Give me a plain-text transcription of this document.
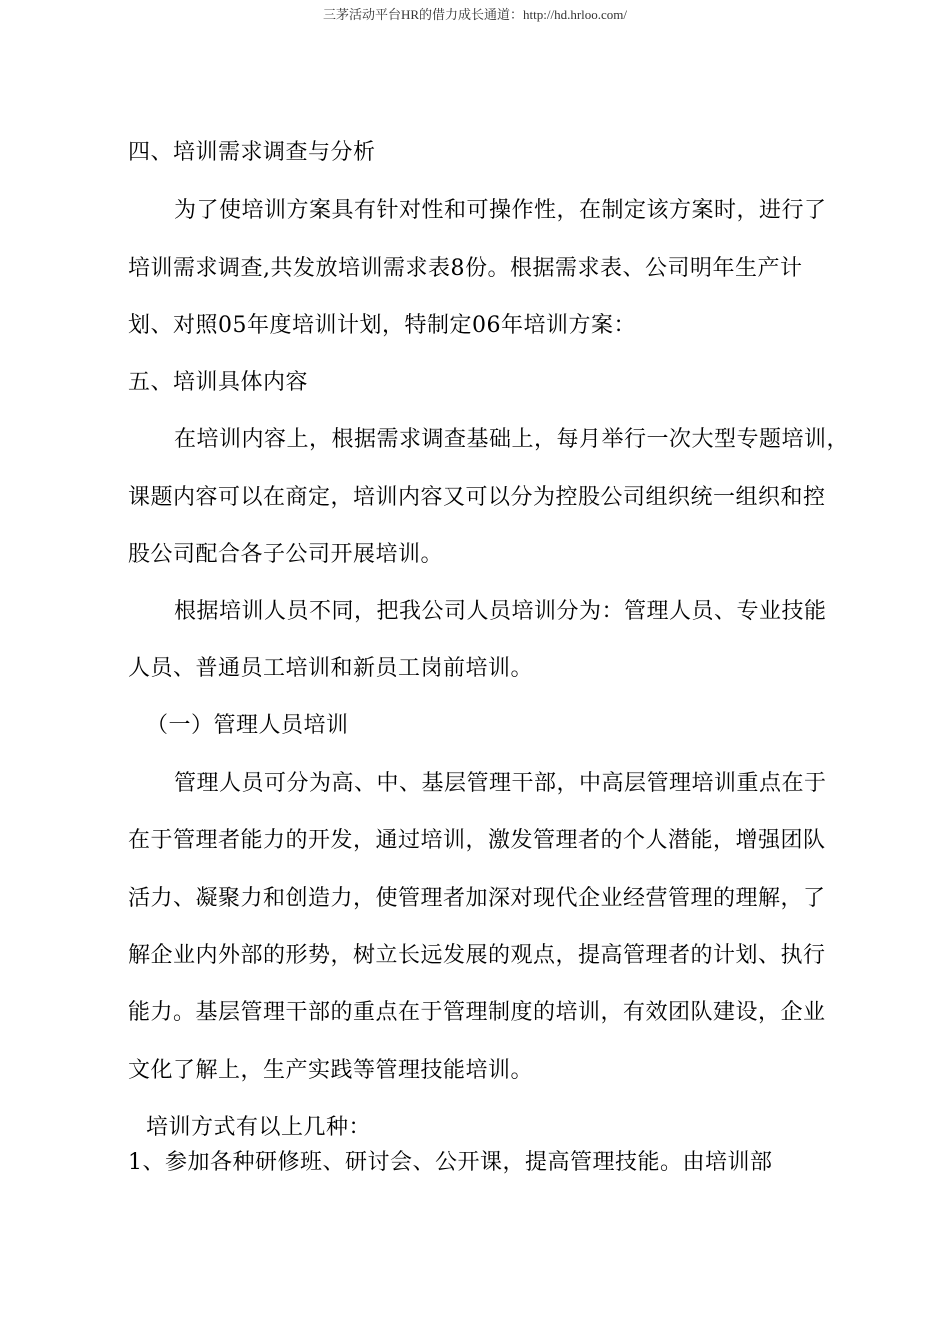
三茅活动平台HR的借力成长通道：http://hd.hrloo.com/
四、培训需求调查与分析
为了使培训方案具有针对性和可操作性，在制定该方案时，进行了
培训需求调查,共发放培训需求表8份。根据需求表、公司明年生产计
划、对照05年度培训计划，特制定06年培训方案：
五、培训具体内容
在培训内容上，根据需求调查基础上，每月举行一次大型专题培训，
课题内容可以在商定，培训内容又可以分为控股公司组织统一组织和控
股公司配合各子公司开展培训。
根据培训人员不同，把我公司人员培训分为：管理人员、专业技能
人员、普通员工培训和新员工岗前培训。
（一）管理人员培训
管理人员可分为高、中、基层管理干部，中高层管理培训重点在于
在于管理者能力的开发，通过培训，激发管理者的个人潜能，增强团队
活力、凝聚力和创造力，使管理者加深对现代企业经营管理的理解，了
解企业内外部的形势，树立长远发展的观点，提高管理者的计划、执行
能力。基层管理干部的重点在于管理制度的培训，有效团队建设，企业
文化了解上，生产实践等管理技能培训。
培训方式有以上几种：
1、参加各种研修班、研讨会、公开课，提高管理技能。由培训部
